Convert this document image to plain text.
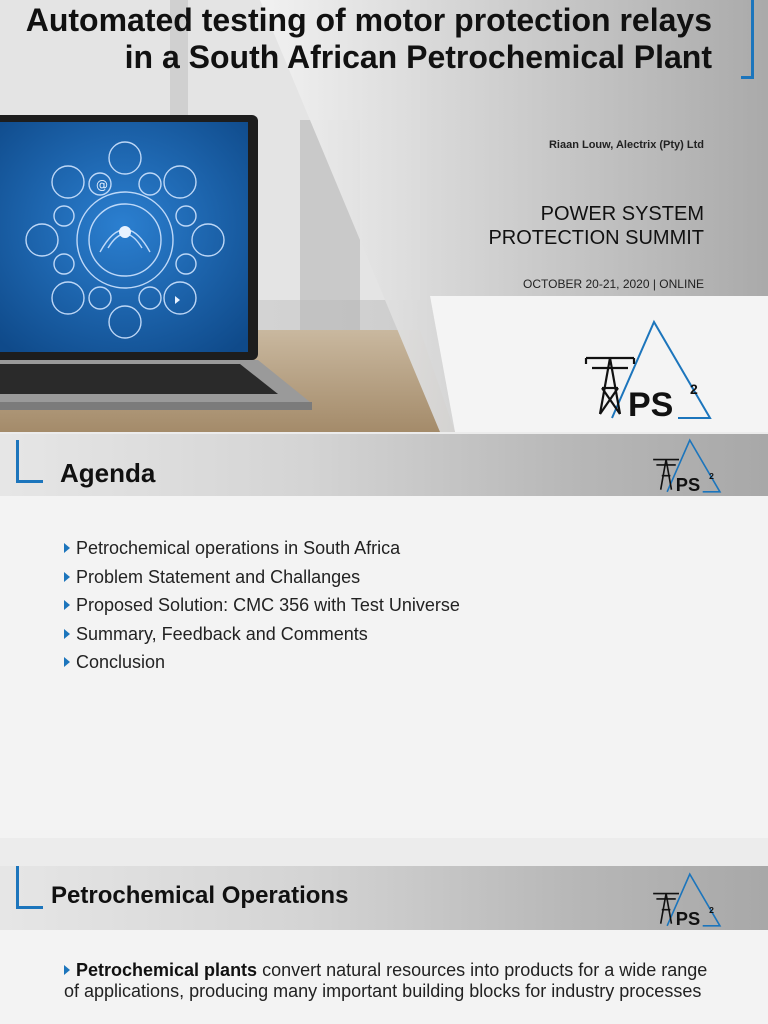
@
Automated testing of motor protection relays in a South African Petrochemical Plant
Riaan Louw, Alectrix (Pty) Ltd
POWER SYSTEM
PROTECTION SUMMIT
OCTOBER 20-21, 2020 | ONLINE
PS 2
Agenda	PS 2
Petrochemical operations in South Africa
Problem Statement and Challanges
Proposed Solution: CMC 356 with Test Universe
Summary, Feedback and Comments
Conclusion
Petrochemical Operations
PS 2
Petrochemical plants convert natural resources into products for a wide range of applications, producing many important building blocks for industry processes
